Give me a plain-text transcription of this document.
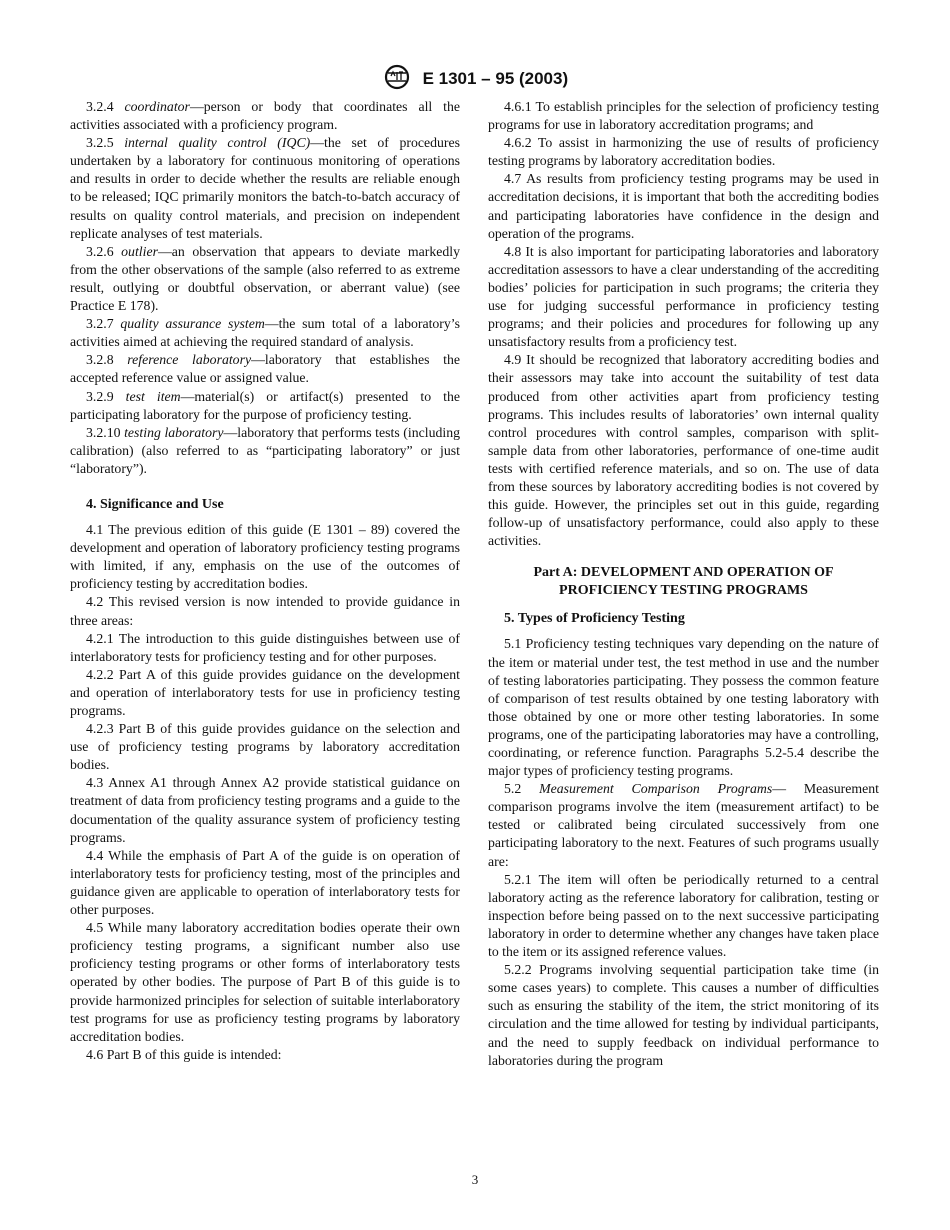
E 1301 – 95 (2003)

3.2.4 coordinator—person or body that coordinates all the activities associated with a proficiency program.

3.2.5 internal quality control (IQC)—the set of procedures undertaken by a laboratory for continuous monitoring of operations and results in order to decide whether the results are reliable enough to be released; IQC primarily monitors the batch-to-batch accuracy of results on quality control materials, and precision on independent replicate analyses of test materials.

3.2.6 outlier—an observation that appears to deviate markedly from the other observations of the sample (also referred to as extreme result, outlying or doubtful observation, or aberrant value) (see Practice E 178).

3.2.7 quality assurance system—the sum total of a laboratory’s activities aimed at achieving the required standard of analysis.

3.2.8 reference laboratory—laboratory that establishes the accepted reference value or assigned value.

3.2.9 test item—material(s) or artifact(s) presented to the participating laboratory for the purpose of proficiency testing.

3.2.10 testing laboratory—laboratory that performs tests (including calibration) (also referred to as “participating laboratory” or just “laboratory”).

4. Significance and Use

4.1 The previous edition of this guide (E 1301 – 89) covered the development and operation of laboratory proficiency testing programs with limited, if any, emphasis on the use of the outcomes of proficiency testing by accreditation bodies.

4.2 This revised version is now intended to provide guidance in three areas:

4.2.1 The introduction to this guide distinguishes between use of interlaboratory tests for proficiency testing and for other purposes.

4.2.2 Part A of this guide provides guidance on the development and operation of interlaboratory tests for use in proficiency testing programs.

4.2.3 Part B of this guide provides guidance on the selection and use of proficiency testing programs by laboratory accreditation bodies.

4.3 Annex A1 through Annex A2 provide statistical guidance on treatment of data from proficiency testing programs and a guide to the documentation of the quality assurance system of proficiency testing programs.

4.4 While the emphasis of Part A of the guide is on operation of interlaboratory tests for proficiency testing, most of the principles and guidance given are applicable to operation of interlaboratory tests for other purposes.

4.5 While many laboratory accreditation bodies operate their own proficiency testing programs, a significant number also use proficiency testing programs or other forms of interlaboratory tests operated by other bodies. The purpose of Part B of this guide is to provide harmonized principles for selection of suitable interlaboratory test programs for use as proficiency testing programs by laboratory accreditation bodies.

4.6 Part B of this guide is intended:

4.6.1 To establish principles for the selection of proficiency testing programs for use in laboratory accreditation programs; and

4.6.2 To assist in harmonizing the use of results of proficiency testing programs by laboratory accreditation bodies.

4.7 As results from proficiency testing programs may be used in accreditation decisions, it is important that both the accrediting bodies and participating laboratories have confidence in the design and operation of the programs.

4.8 It is also important for participating laboratories and laboratory accreditation assessors to have a clear understanding of the accrediting bodies’ policies for participation in such programs; the criteria they use for judging successful performance in proficiency testing programs; and their policies and procedures for following up any unsatisfactory results from a proficiency test.

4.9 It should be recognized that laboratory accrediting bodies and their assessors may take into account the suitability of test data produced from other activities apart from proficiency testing programs. This includes results of laboratories’ own internal quality control procedures with control samples, comparison with split-sample data from other laboratories, performance of one-time audit tests with certified reference materials, and so on. The use of data from these sources by laboratory accrediting bodies is not covered by this guide. However, the principles set out in this guide, regarding follow-up of unsatisfactory performance, could also apply to these activities.

Part A: DEVELOPMENT AND OPERATION OF
PROFICIENCY TESTING PROGRAMS
5. Types of Proficiency Testing

5.1 Proficiency testing techniques vary depending on the nature of the item or material under test, the test method in use and the number of testing laboratories participating. They possess the common feature of comparison of test results obtained by one testing laboratory with those obtained by one or more other testing laboratories. In some programs, one of the participating laboratories may have a controlling, coordinating, or reference function. Paragraphs 5.2-5.4 describe the major types of proficiency testing programs.

5.2 Measurement Comparison Programs— Measurement comparison programs involve the item (measurement artifact) to be tested or calibrated being circulated successively from one participating laboratory to the next. Features of such programs usually are:

5.2.1 The item will often be periodically returned to a central laboratory acting as the reference laboratory for calibration, testing or inspection before being passed on to the next successive participating laboratory in order to determine whether any changes have taken place to the item or its assigned reference values.

5.2.2 Programs involving sequential participation take time (in some cases years) to complete. This causes a number of difficulties such as ensuring the stability of the item, the strict monitoring of its circulation and the time allowed for testing by individual participants, and the need to supply feedback on individual performance to laboratories during the program

3
